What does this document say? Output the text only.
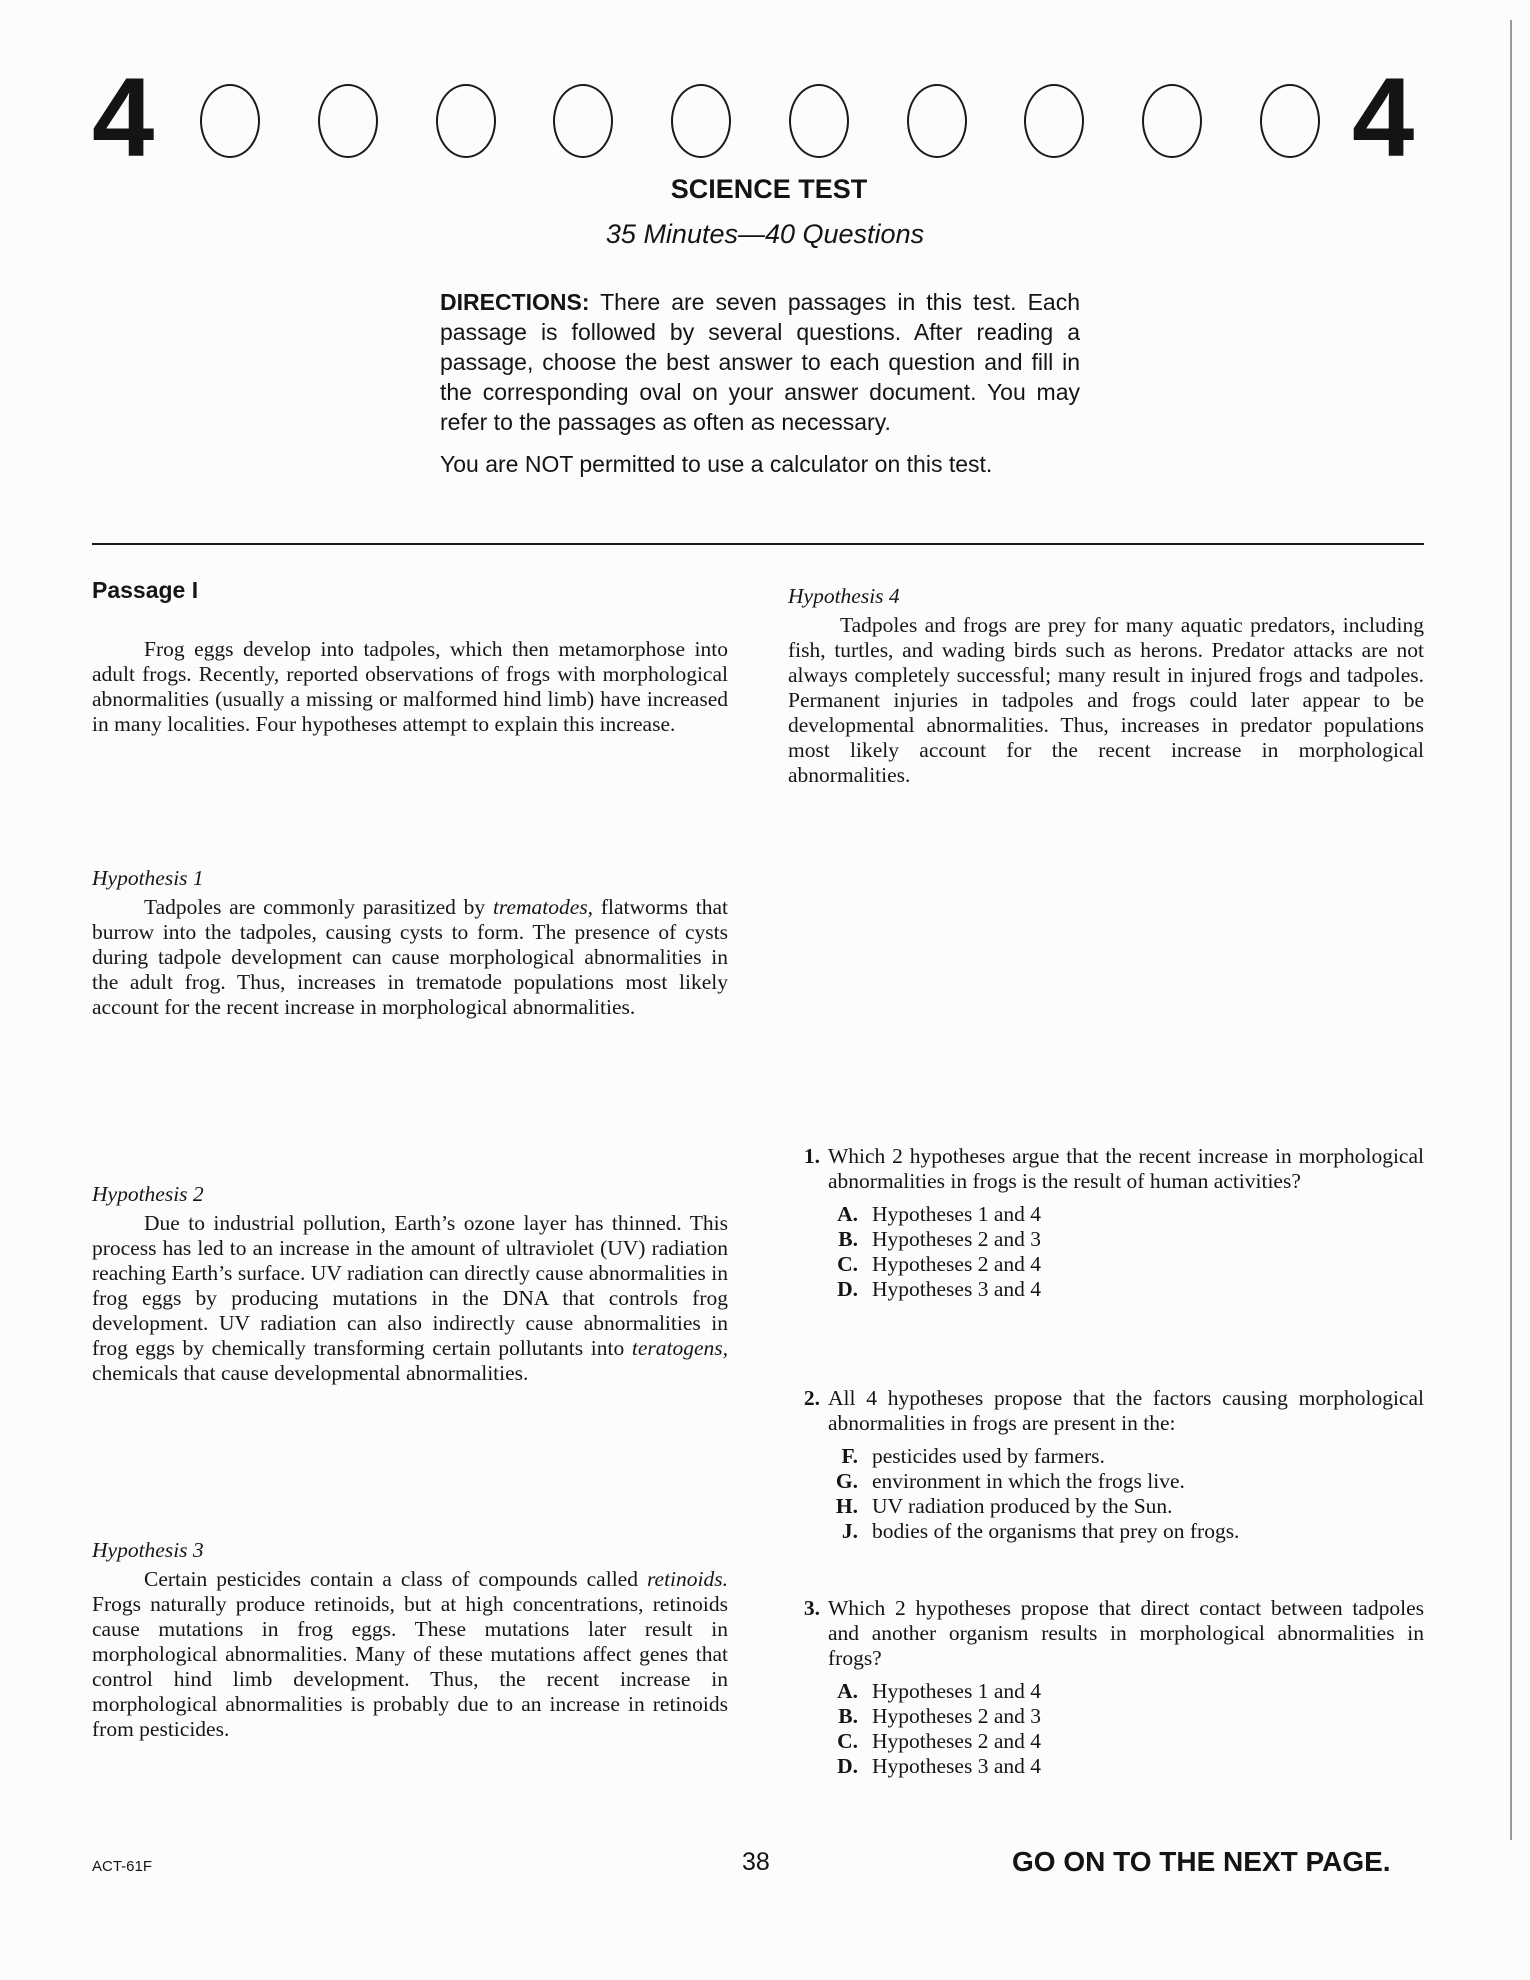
4	4
SCIENCE TEST
35 Minutes—40 Questions

DIRECTIONS: There are seven passages in this test. Each passage is followed by several questions. After reading a passage, choose the best answer to each question and fill in the corresponding oval on your answer document. You may refer to the passages as often as necessary.

You are NOT permitted to use a calculator on this test.

Passage I

Frog eggs develop into tadpoles, which then metamorphose into adult frogs. Recently, reported observations of frogs with morphological abnormalities (usually a missing or malformed hind limb) have increased in many localities. Four hypotheses attempt to explain this increase.

Hypothesis 1

Tadpoles are commonly parasitized by trematodes, flatworms that burrow into the tadpoles, causing cysts to form. The presence of cysts during tadpole development can cause morphological abnormalities in the adult frog. Thus, increases in trematode populations most likely account for the recent increase in morphological abnormalities.

Hypothesis 2

Due to industrial pollution, Earth’s ozone layer has thinned. This process has led to an increase in the amount of ultraviolet (UV) radiation reaching Earth’s surface. UV radiation can directly cause abnormalities in frog eggs by producing mutations in the DNA that controls frog development. UV radiation can also indirectly cause abnormalities in frog eggs by chemically transforming certain pollutants into teratogens, chemicals that cause developmental abnormalities.

Hypothesis 3

Certain pesticides contain a class of compounds called retinoids. Frogs naturally produce retinoids, but at high concentrations, retinoids cause mutations in frog eggs. These mutations later result in morphological abnormalities. Many of these mutations affect genes that control hind limb development. Thus, the recent increase in morphological abnormalities is probably due to an increase in retinoids from pesticides.

Hypothesis 4

Tadpoles and frogs are prey for many aquatic predators, including fish, turtles, and wading birds such as herons. Predator attacks are not always completely successful; many result in injured frogs and tadpoles. Permanent injuries in tadpoles and frogs could later appear to be developmental abnormalities. Thus, increases in predator populations most likely account for the recent increase in morphological abnormalities.

1. Which 2 hypotheses argue that the recent increase in morphological abnormalities in frogs is the result of human activities?
A. Hypotheses 1 and 4
B. Hypotheses 2 and 3
C. Hypotheses 2 and 4
D. Hypotheses 3 and 4
2. All 4 hypotheses propose that the factors causing morphological abnormalities in frogs are present in the:
F. pesticides used by farmers.
G. environment in which the frogs live.
H. UV radiation produced by the Sun.
J. bodies of the organisms that prey on frogs.
3. Which 2 hypotheses propose that direct contact between tadpoles and another organism results in morphological abnormalities in frogs?
A. Hypotheses 1 and 4
B. Hypotheses 2 and 3
C. Hypotheses 2 and 4
D. Hypotheses 3 and 4
ACT-61F	38	GO ON TO THE NEXT PAGE.
